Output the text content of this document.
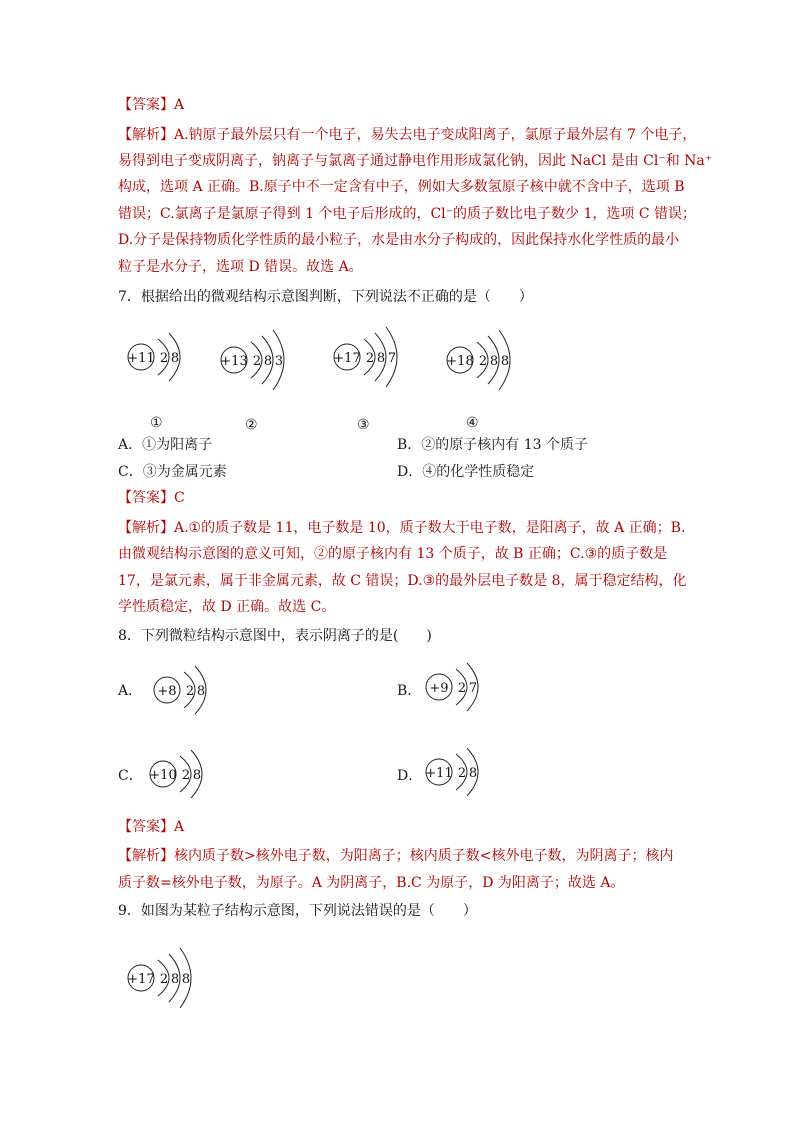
【答案】A
【解析】A.钠原子最外层只有一个电子，易失去电子变成阳离子，氯原子最外层有 7 个电子，
易得到电子变成阴离子，钠离子与氯离子通过静电作用形成氯化钠，因此 NaCl 是由 Cl⁻和 Na⁺
构成，选项 A 正确。B.原子中不一定含有中子，例如大多数氢原子核中就不含中子，选项 B
错误；C.氯离子是氯原子得到 1 个电子后形成的，Cl⁻的质子数比电子数少 1，选项 C 错误；
D.分子是保持物质化学性质的最小粒子，水是由水分子构成的，因此保持水化学性质的最小
粒子是水分子，选项 D 错误。故选 A。
7．根据给出的微观结构示意图判断，下列说法不正确的是（　　）
+11 2 8	+13 2 8 3	+17 2 8 7	+18 2 8 8
①	②	③	④
A．①为阳离子	B．②的原子核内有 13 个质子
C．③为金属元素	D．④的化学性质稳定
【答案】C
【解析】A.①的质子数是 11，电子数是 10，质子数大于电子数，是阳离子，故 A 正确；B.
由微观结构示意图的意义可知，②的原子核内有 13 个质子，故 B 正确；C.③的质子数是
17，是氯元素，属于非金属元素，故 C 错误；D.③的最外层电子数是 8，属于稳定结构，化
学性质稳定，故 D 正确。故选 C。
8．下列微粒结构示意图中，表示阴离子的是(　　)
A．	B．
C．	D．
+8 2 8	+9 2 7
+10 2 8	+11 2 8
【答案】A
【解析】核内质子数>核外电子数，为阳离子；核内质子数<核外电子数，为阴离子；核内
质子数=核外电子数，为原子。A 为阴离子，B.C 为原子，D 为阳离子；故选 A。
9．如图为某粒子结构示意图，下列说法错误的是（　　）
+17 2 8 8
